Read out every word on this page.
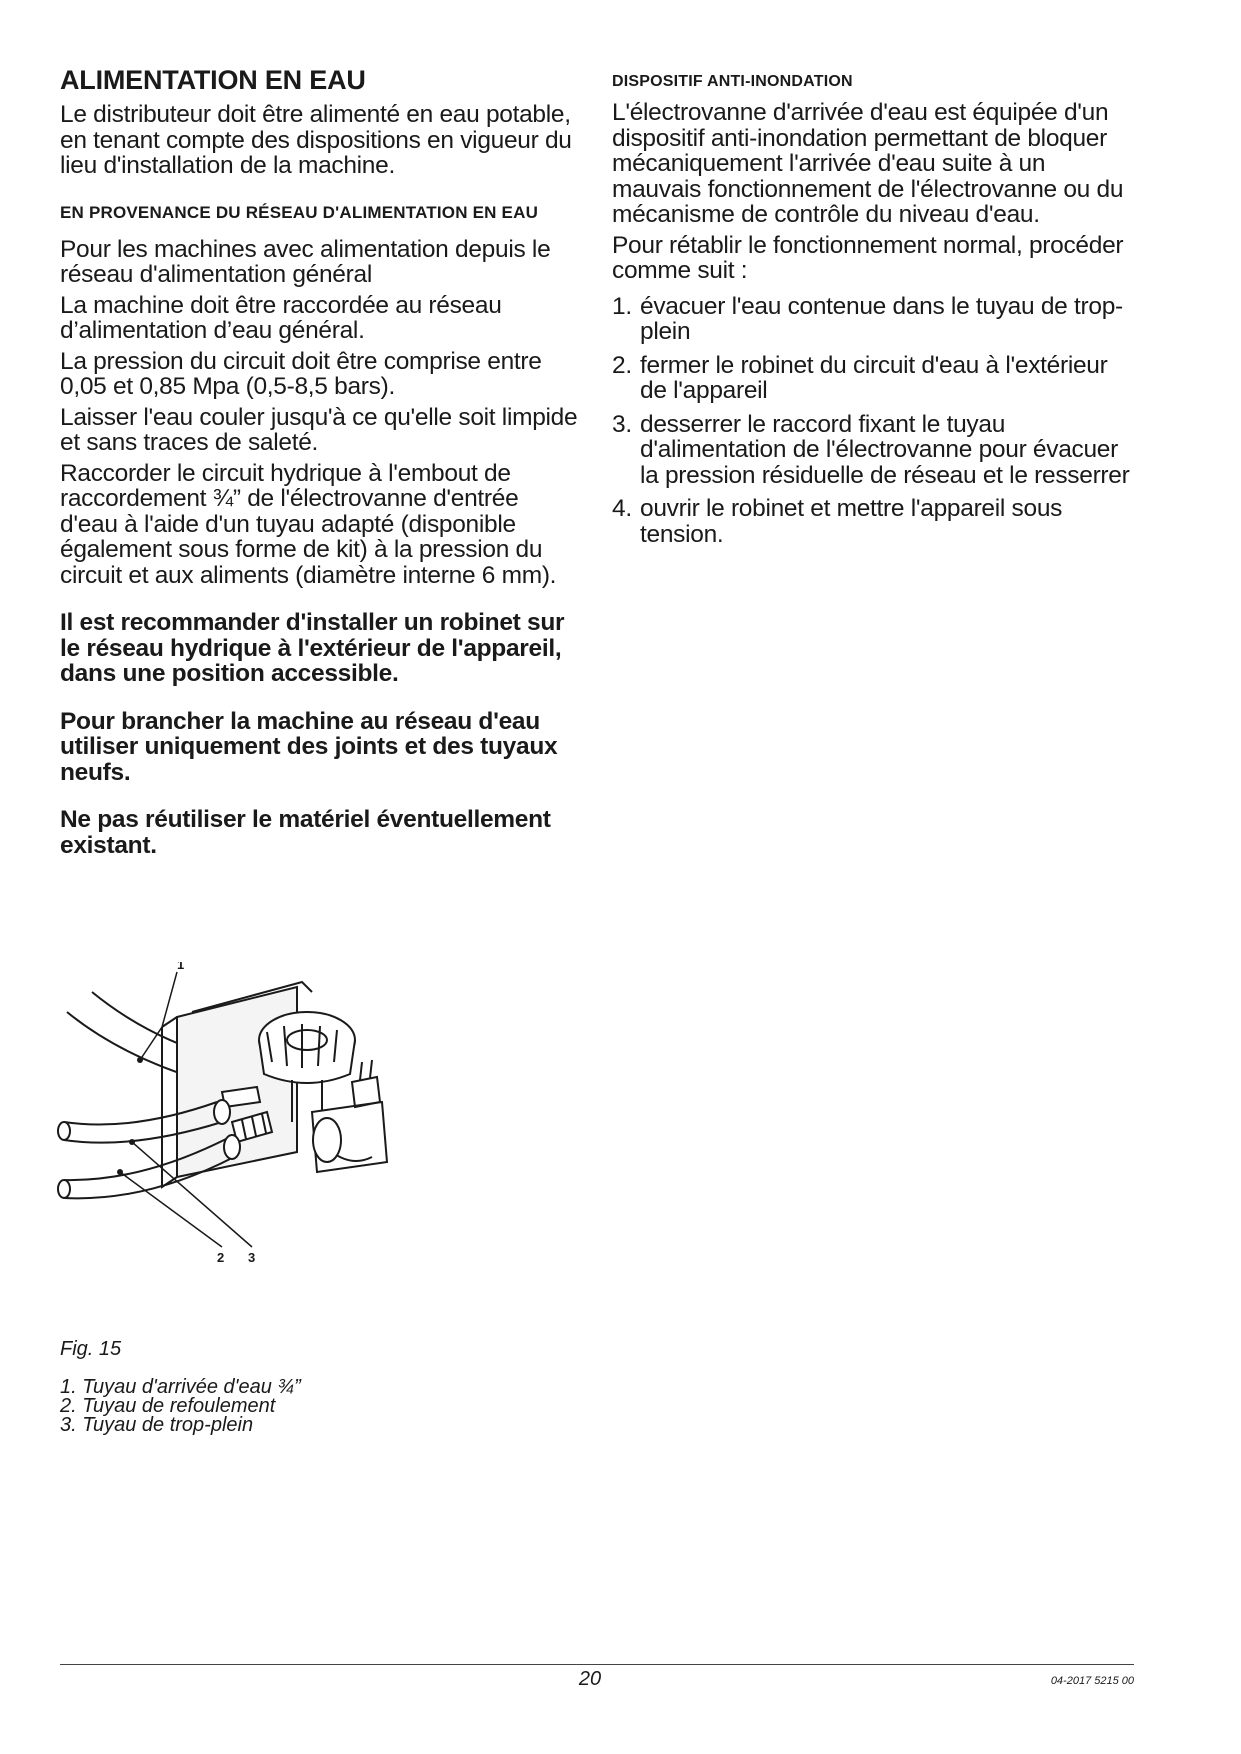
ALIMENTATION EN EAU

Le distributeur doit être alimenté en eau potable, en tenant compte des dispositions en vigueur du lieu d'installation de la machine.

EN PROVENANCE DU RÉSEAU D'ALIMENTATION EN EAU

Pour les machines avec alimentation depuis le réseau d'alimentation général

La machine doit être raccordée au réseau d’alimentation d’eau général.

La pression du circuit doit être comprise entre 0,05 et 0,85 Mpa (0,5-8,5 bars).

Laisser l'eau couler jusqu'à ce qu'elle soit limpide et sans traces de saleté.

Raccorder le circuit hydrique à l'embout de raccordement ¾” de l'électrovanne d'entrée d'eau à l'aide d'un tuyau adapté (disponible également sous forme de kit) à la pression du circuit et aux aliments (diamètre interne 6 mm).

Il est recommander d'installer un robinet sur le réseau hydrique à l'extérieur de l'appareil, dans une position accessible.

Pour brancher la machine au réseau d'eau utiliser uniquement des joints et des tuyaux neufs.

Ne pas réutiliser le matériel éventuellement existant.

DISPOSITIF ANTI-INONDATION

L'électrovanne d'arrivée d'eau est équipée d'un dispositif anti-inondation permettant de bloquer mécaniquement l'arrivée d'eau suite à un mauvais fonctionnement de l'électrovanne ou du mécanisme de contrôle du niveau d'eau.

Pour rétablir le fonctionnement normal, procéder comme suit :

1. évacuer l'eau contenue dans le tuyau de trop-plein
2. fermer le robinet du circuit d'eau à l'extérieur de l'appareil
3. desserrer le raccord fixant le tuyau d'alimentation de l'électrovanne pour évacuer la pression résiduelle de réseau et le resserrer
4. ouvrir le robinet et mettre l'appareil sous tension.
1
2 3
Fig. 15
1. Tuyau d'arrivée d'eau ¾”
2. Tuyau de refoulement
3. Tuyau de trop-plein
20	04-2017 5215 00
